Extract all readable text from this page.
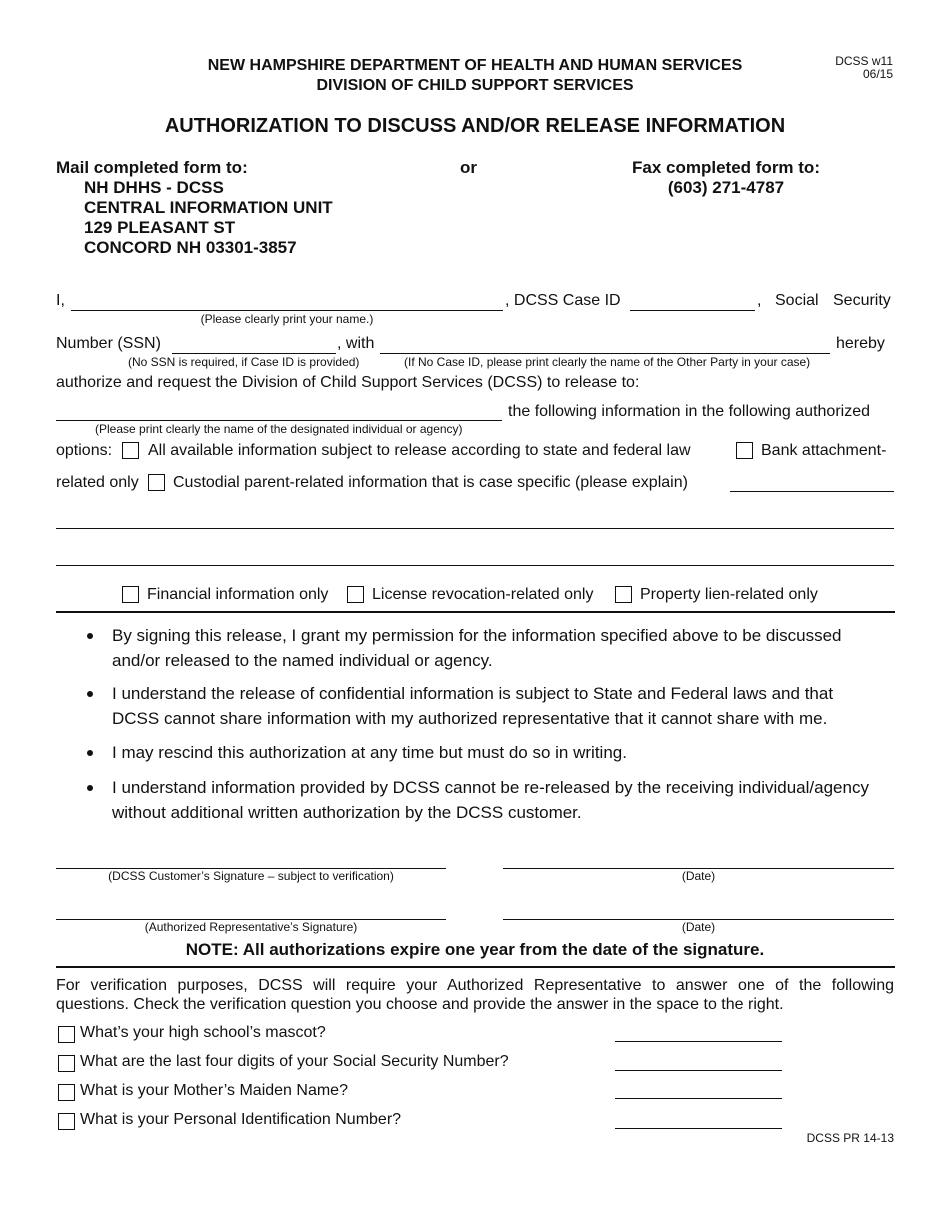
NEW HAMPSHIRE DEPARTMENT OF HEALTH AND HUMAN SERVICES
DIVISION OF CHILD SUPPORT SERVICES
DCSS w11
06/15
AUTHORIZATION TO DISCUSS AND/OR RELEASE INFORMATION
Mail completed form to:
NH DHHS - DCSS
CENTRAL INFORMATION UNIT
129 PLEASANT ST
CONCORD NH 03301-3857
or	Fax completed form to:
(603) 271-4787
I,	, DCSS Case ID	, Social Security
(Please clearly print your name.)
Number (SSN)	, with	hereby
(No SSN is required, if Case ID is provided)	(If No Case ID, please print clearly the name of the Other Party in your case)
authorize and request the Division of Child Support Services (DCSS) to release to:
the following information in the following authorized
(Please print clearly the name of the designated individual or agency)
options: All available information subject to release according to state and federal law	Bank attachment-
related only Custodial parent-related information that is case specific (please explain)
Financial information only	License revocation-related only	Property lien-related only
By signing this release, I grant my permission for the information specified above to be discussed
and/or released to the named individual or agency.
I understand the release of confidential information is subject to State and Federal laws and that
DCSS cannot share information with my authorized representative that it cannot share with me.
I may rescind this authorization at any time but must do so in writing.
I understand information provided by DCSS cannot be re-released by the receiving individual/agency
without additional written authorization by the DCSS customer.
(DCSS Customer’s Signature – subject to verification)	(Date)
(Authorized Representative’s Signature)	(Date)
NOTE: All authorizations expire one year from the date of the signature.
For verification purposes, DCSS will require your Authorized Representative to answer one of the following
questions. Check the verification question you choose and provide the answer in the space to the right.
What’s your high school’s mascot?
What are the last four digits of your Social Security Number?
What is your Mother’s Maiden Name?
What is your Personal Identification Number?
DCSS PR 14-13
